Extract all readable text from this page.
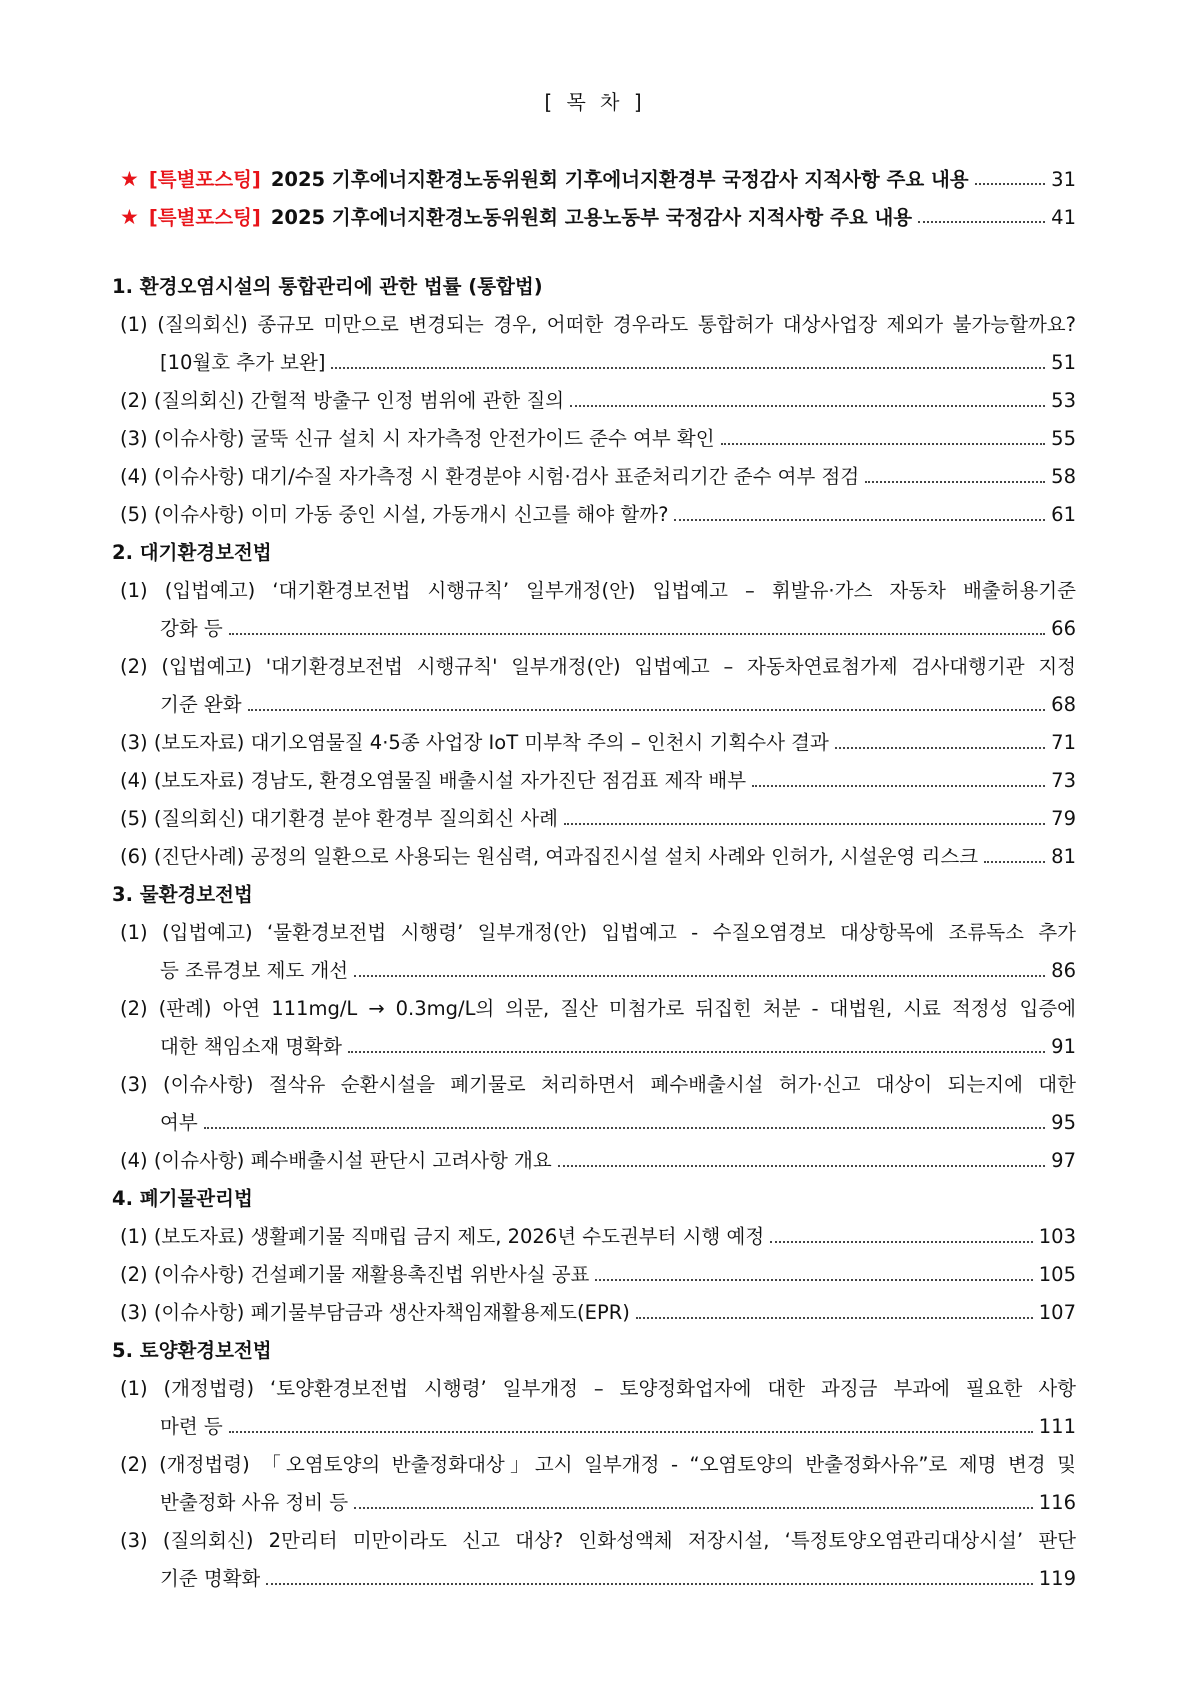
[ 목 차 ]
★ [특별포스팅] 2025 기후에너지환경노동위원회 기후에너지환경부 국정감사 지적사항 주요 내용	31
★ [특별포스팅] 2025 기후에너지환경노동위원회 고용노동부 국정감사 지적사항 주요 내용	41
1. 환경오염시설의 통합관리에 관한 법률 (통합법)
(1) (질의회신) 종규모 미만으로 변경되는 경우, 어떠한 경우라도 통합허가 대상사업장 제외가 불가능할까요?
[10월호 추가 보완]	51
(2) (질의회신) 간헐적 방출구 인정 범위에 관한 질의	53
(3) (이슈사항) 굴뚝 신규 설치 시 자가측정 안전가이드 준수 여부 확인	55
(4) (이슈사항) 대기/수질 자가측정 시 환경분야 시험·검사 표준처리기간 준수 여부 점검	58
(5) (이슈사항) 이미 가동 중인 시설, 가동개시 신고를 해야 할까?	61
2. 대기환경보전법
(1) (입법예고) ‘대기환경보전법 시행규칙’ 일부개정(안) 입법예고 – 휘발유·가스 자동차 배출허용기준
강화 등	66
(2) (입법예고) '대기환경보전법 시행규칙' 일부개정(안) 입법예고 – 자동차연료첨가제 검사대행기관 지정
기준 완화	68
(3) (보도자료) 대기오염물질 4·5종 사업장 IoT 미부착 주의 – 인천시 기획수사 결과	71
(4) (보도자료) 경남도, 환경오염물질 배출시설 자가진단 점검표 제작 배부	73
(5) (질의회신) 대기환경 분야 환경부 질의회신 사례	79
(6) (진단사례) 공정의 일환으로 사용되는 원심력, 여과집진시설 설치 사례와 인허가, 시설운영 리스크	81
3. 물환경보전법
(1) (입법예고) ‘물환경보전법 시행령’ 일부개정(안) 입법예고 - 수질오염경보 대상항목에 조류독소 추가
등 조류경보 제도 개선	86
(2) (판례) 아연 111mg/L → 0.3mg/L의 의문, 질산 미첨가로 뒤집힌 처분 - 대법원, 시료 적정성 입증에
대한 책임소재 명확화	91
(3) (이슈사항) 절삭유 순환시설을 폐기물로 처리하면서 폐수배출시설 허가·신고 대상이 되는지에 대한
여부	95
(4) (이슈사항) 폐수배출시설 판단시 고려사항 개요	97
4. 폐기물관리법
(1) (보도자료) 생활폐기물 직매립 금지 제도, 2026년 수도권부터 시행 예정	103
(2) (이슈사항) 건설폐기물 재활용촉진법 위반사실 공표	105
(3) (이슈사항) 폐기물부담금과 생산자책임재활용제도(EPR)	107
5. 토양환경보전법
(1) (개정법령) ‘토양환경보전법 시행령’ 일부개정 – 토양정화업자에 대한 과징금 부과에 필요한 사항
마련 등	111
(2) (개정법령) 「오염토양의 반출정화대상」고시 일부개정 - “오염토양의 반출정화사유”로 제명 변경 및
반출정화 사유 정비 등	116
(3) (질의회신) 2만리터 미만이라도 신고 대상? 인화성액체 저장시설, ‘특정토양오염관리대상시설’ 판단
기준 명확화	119
